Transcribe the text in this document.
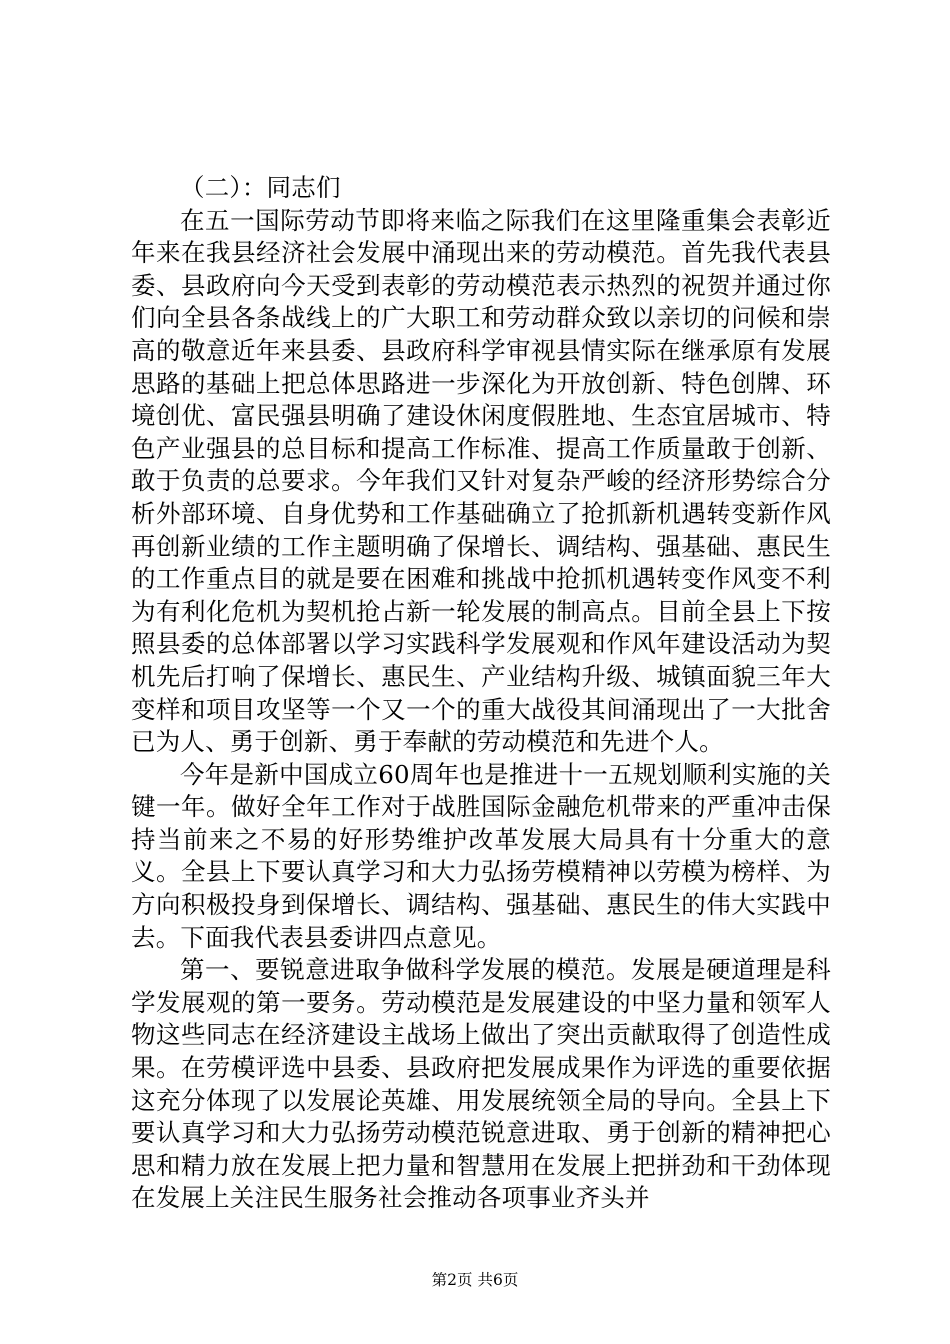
（二）：同志们

在五一国际劳动节即将来临之际我们在这里隆重集会表彰近年来在我县经济社会发展中涌现出来的劳动模范。首先我代表县委、县政府向今天受到表彰的劳动模范表示热烈的祝贺并通过你们向全县各条战线上的广大职工和劳动群众致以亲切的问候和崇高的敬意近年来县委、县政府科学审视县情实际在继承原有发展思路的基础上把总体思路进一步深化为开放创新、特色创牌、环境创优、富民强县明确了建设休闲度假胜地、生态宜居城市、特色产业强县的总目标和提高工作标准、提高工作质量敢于创新、敢于负责的总要求。今年我们又针对复杂严峻的经济形势综合分析外部环境、自身优势和工作基础确立了抢抓新机遇转变新作风再创新业绩的工作主题明确了保增长、调结构、强基础、惠民生的工作重点目的就是要在困难和挑战中抢抓机遇转变作风变不利为有利化危机为契机抢占新一轮发展的制高点。目前全县上下按照县委的总体部署以学习实践科学发展观和作风年建设活动为契机先后打响了保增长、惠民生、产业结构升级、城镇面貌三年大变样和项目攻坚等一个又一个的重大战役其间涌现出了一大批舍已为人、勇于创新、勇于奉献的劳动模范和先进个人。

今年是新中国成立60周年也是推进十一五规划顺利实施的关键一年。做好全年工作对于战胜国际金融危机带来的严重冲击保持当前来之不易的好形势维护改革发展大局具有十分重大的意义。全县上下要认真学习和大力弘扬劳模精神以劳模为榜样、为方向积极投身到保增长、调结构、强基础、惠民生的伟大实践中去。下面我代表县委讲四点意见。

第一、要锐意进取争做科学发展的模范。发展是硬道理是科学发展观的第一要务。劳动模范是发展建设的中坚力量和领军人物这些同志在经济建设主战场上做出了突出贡献取得了创造性成果。在劳模评选中县委、县政府把发展成果作为评选的重要依据这充分体现了以发展论英雄、用发展统领全局的导向。全县上下要认真学习和大力弘扬劳动模范锐意进取、勇于创新的精神把心思和精力放在发展上把力量和智慧用在发展上把拼劲和干劲体现在发展上关注民生服务社会推动各项事业齐头并

第2页 共6页
